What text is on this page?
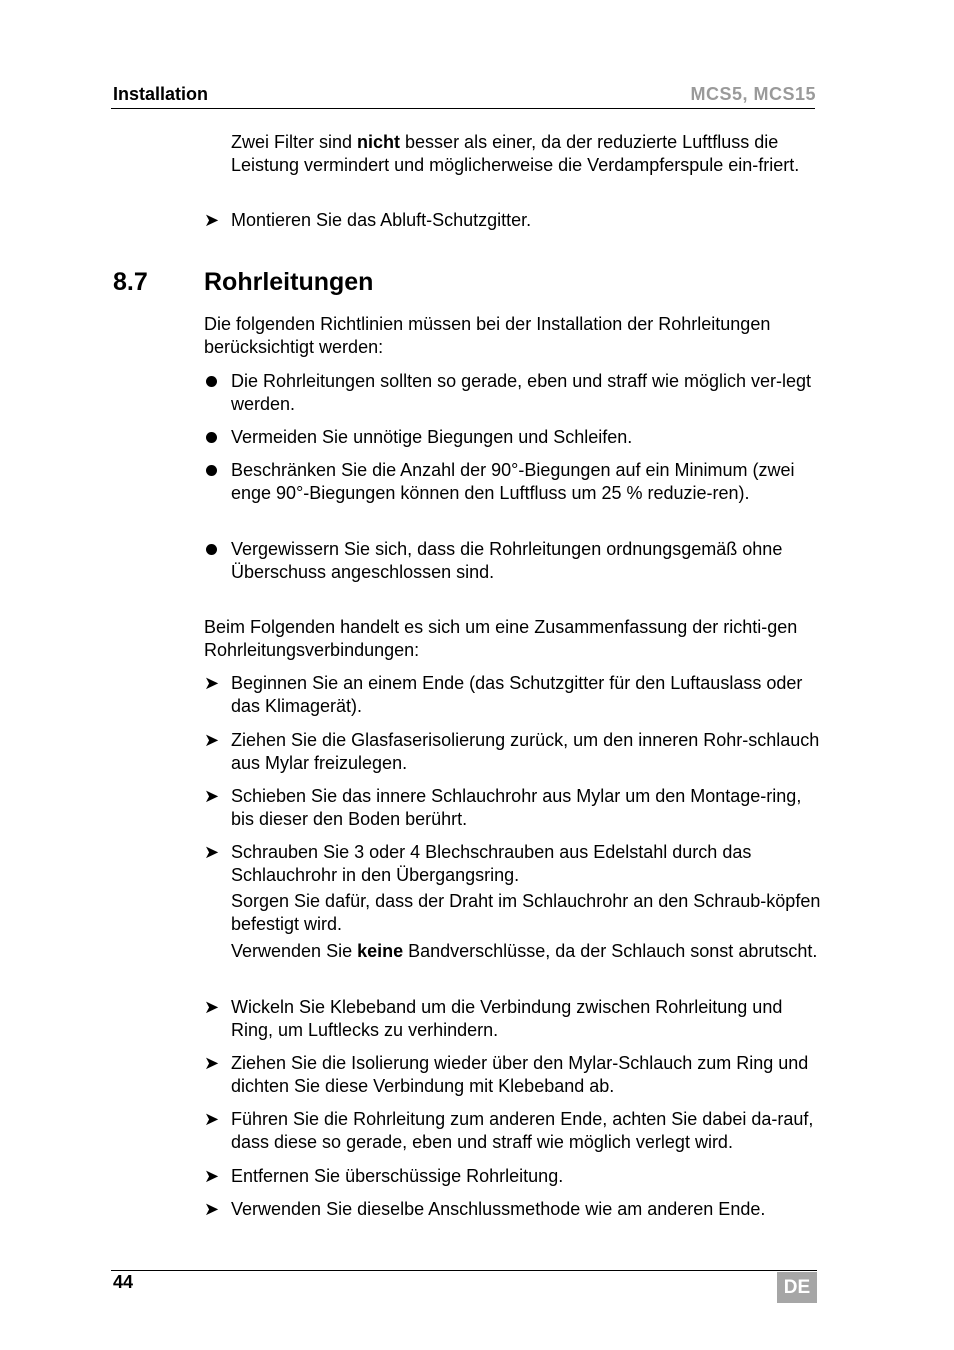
Installation	MCS5, MCS15
Zwei Filter sind nicht besser als einer, da der reduzierte Luftfluss die Leistung vermindert und möglicherweise die Verdampferspule ein-friert.
➤ Montieren Sie das Abluft-Schutzgitter.
8.7 Rohrleitungen
Die folgenden Richtlinien müssen bei der Installation der Rohrleitungen berücksichtigt werden:
Die Rohrleitungen sollten so gerade, eben und straff wie möglich ver-legt werden.
Vermeiden Sie unnötige Biegungen und Schleifen.
Beschränken Sie die Anzahl der 90°-Biegungen auf ein Minimum (zwei enge 90°-Biegungen können den Luftfluss um 25 % reduzie-ren).
Vergewissern Sie sich, dass die Rohrleitungen ordnungsgemäß ohne Überschuss angeschlossen sind.
Beim Folgenden handelt es sich um eine Zusammenfassung der richti-gen Rohrleitungsverbindungen:
➤ Beginnen Sie an einem Ende (das Schutzgitter für den Luftauslass oder das Klimagerät).
➤ Ziehen Sie die Glasfaserisolierung zurück, um den inneren Rohr-schlauch aus Mylar freizulegen.
➤ Schieben Sie das innere Schlauchrohr aus Mylar um den Montage-ring, bis dieser den Boden berührt.
➤ Schrauben Sie 3 oder 4 Blechschrauben aus Edelstahl durch das Schlauchrohr in den Übergangsring.
Sorgen Sie dafür, dass der Draht im Schlauchrohr an den Schraub-köpfen befestigt wird.
Verwenden Sie keine Bandverschlüsse, da der Schlauch sonst abrutscht.
➤ Wickeln Sie Klebeband um die Verbindung zwischen Rohrleitung und Ring, um Luftlecks zu verhindern.
➤ Ziehen Sie die Isolierung wieder über den Mylar-Schlauch zum Ring und dichten Sie diese Verbindung mit Klebeband ab.
➤ Führen Sie die Rohrleitung zum anderen Ende, achten Sie dabei da-rauf, dass diese so gerade, eben und straff wie möglich verlegt wird.
➤ Entfernen Sie überschüssige Rohrleitung.
➤ Verwenden Sie dieselbe Anschlussmethode wie am anderen Ende.
44	DE
